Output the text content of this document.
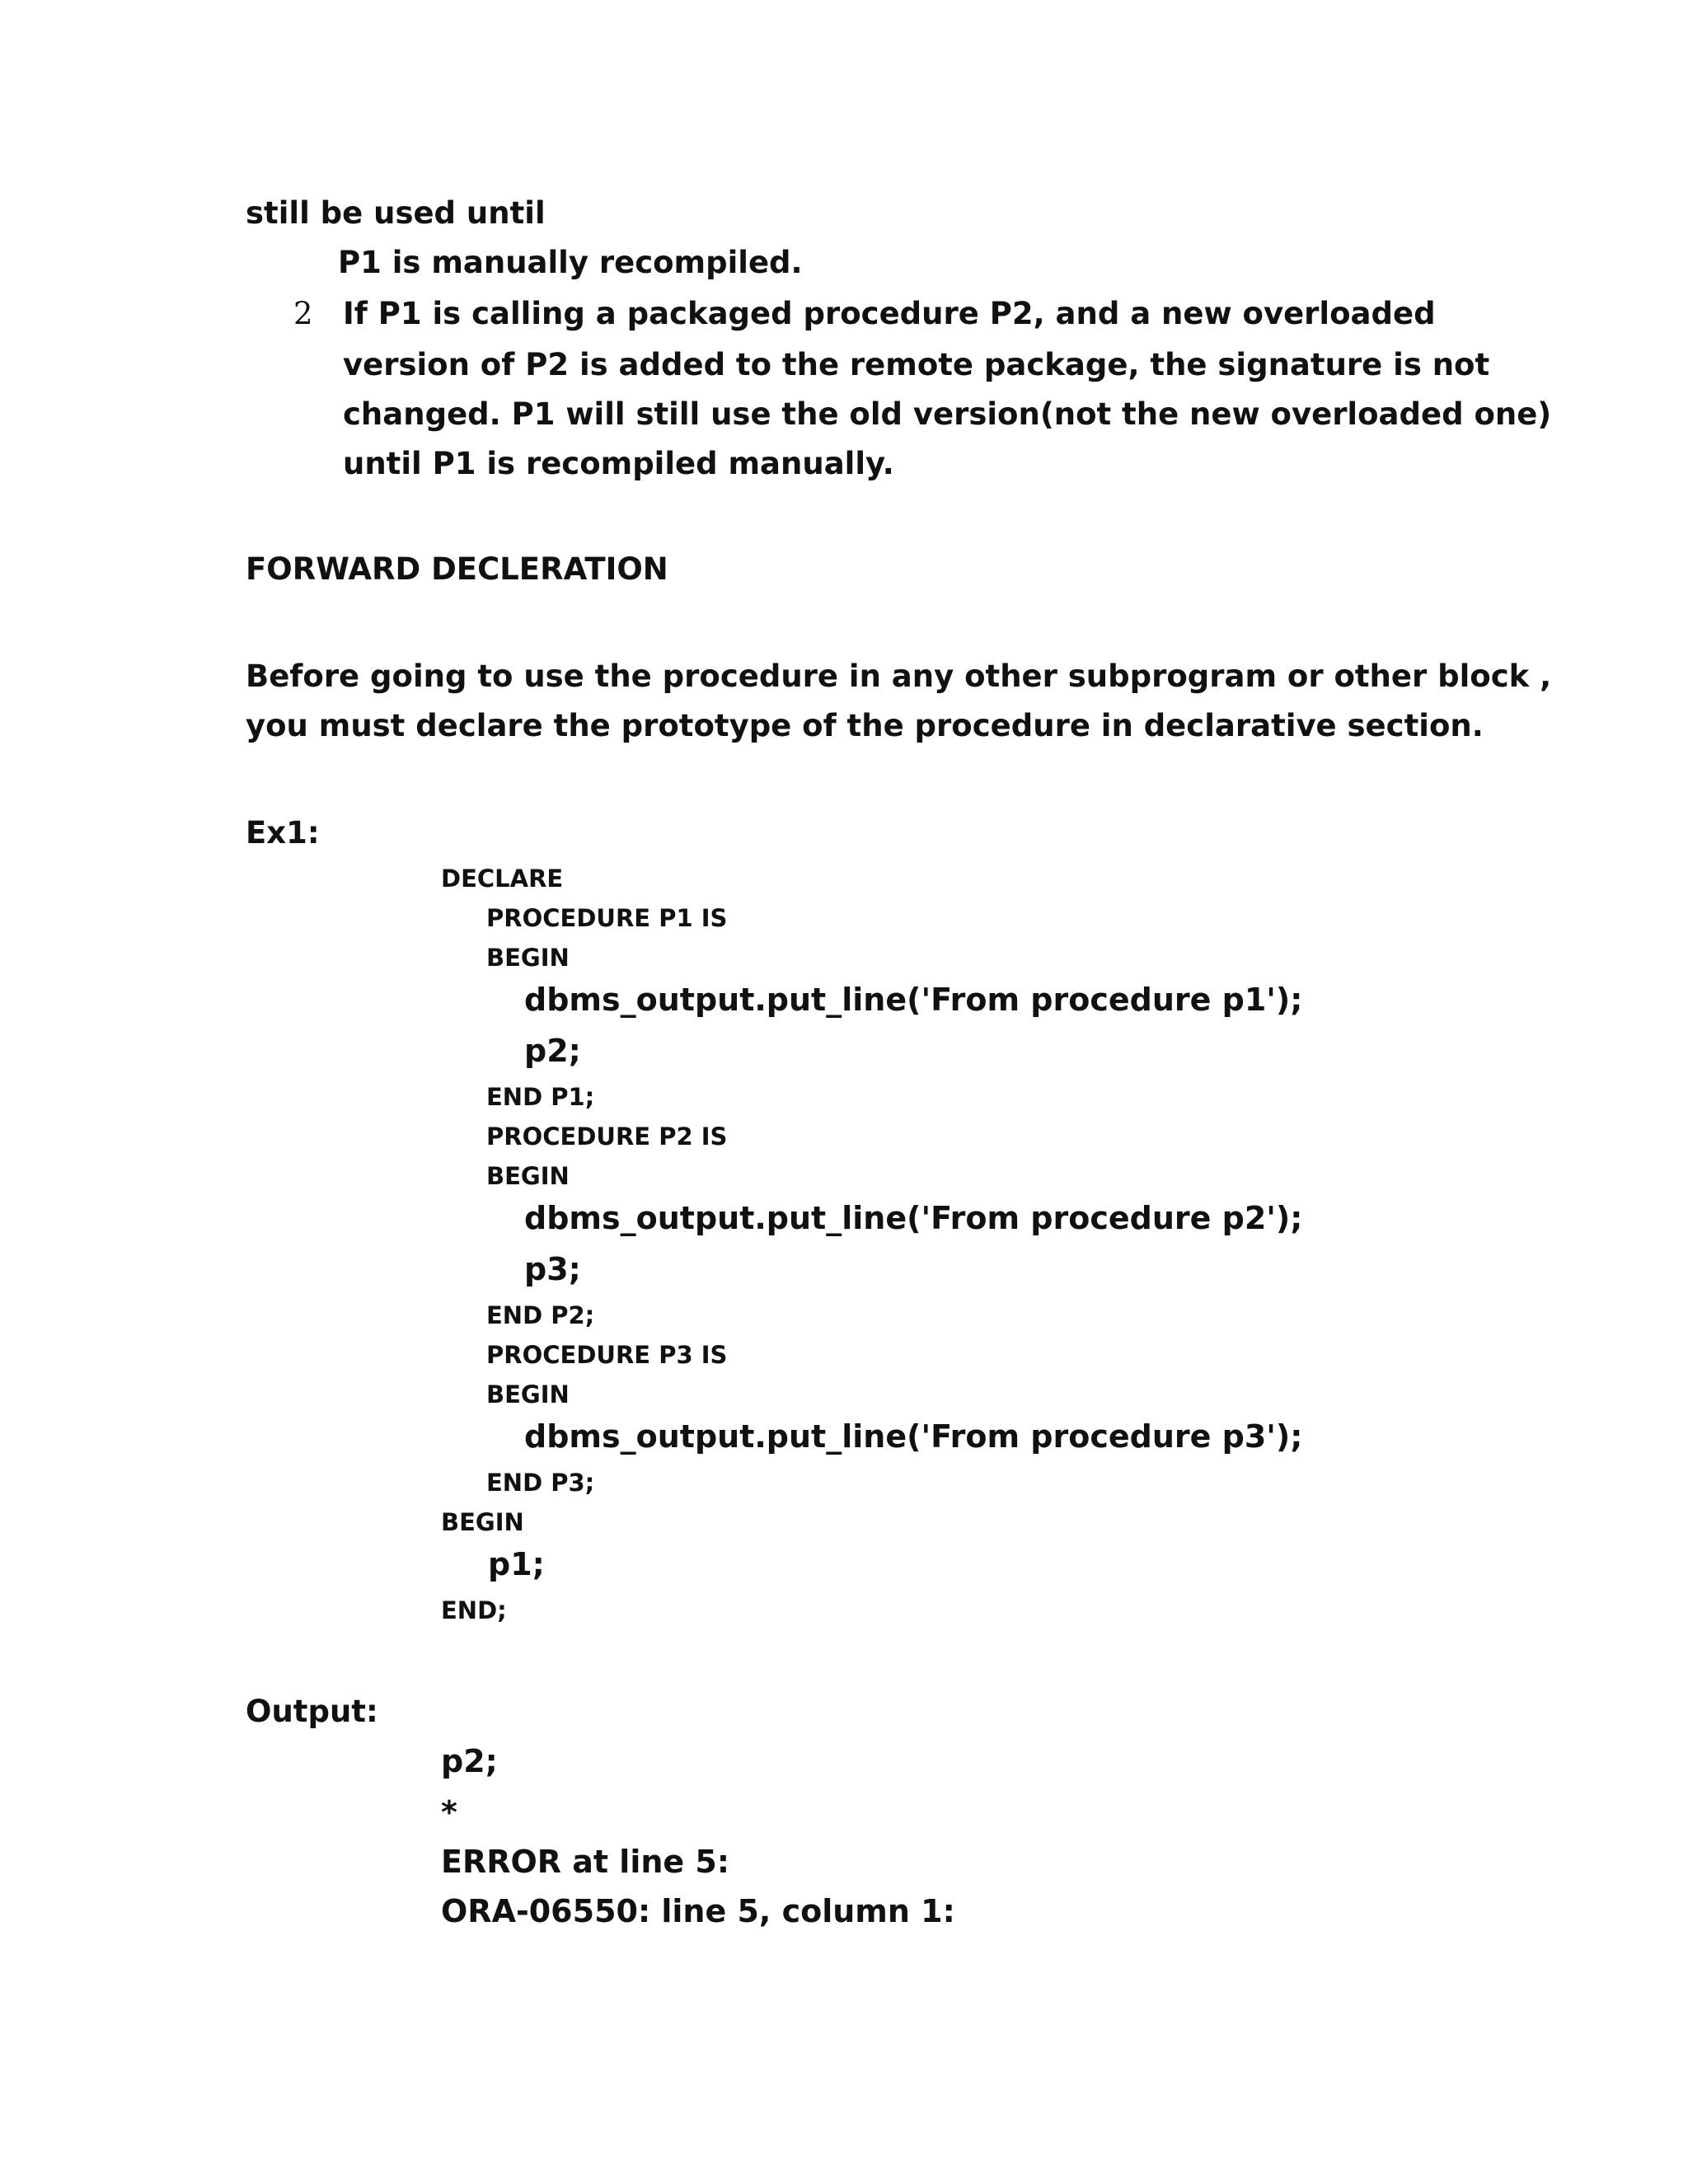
still be used until
P1 is manually recompiled.
2 If P1 is calling a packaged procedure P2, and a new overloaded
version of P2 is added to the remote package, the signature is not
changed. P1 will still use the old version(not the new overloaded one)
until P1 is recompiled manually.
FORWARD DECLERATION
Before going to use the procedure in any other subprogram or other block ,
you must declare the prototype of the procedure in declarative section.
Ex1:
DECLARE
PROCEDURE P1 IS
BEGIN
dbms_output.put_line('From procedure p1');
p2;
END P1;
PROCEDURE P2 IS
BEGIN
dbms_output.put_line('From procedure p2');
p3;
END P2;
PROCEDURE P3 IS
BEGIN
dbms_output.put_line('From procedure p3');
END P3;
BEGIN
p1;
END;
Output:
p2;
*
ERROR at line 5:
ORA-06550: line 5, column 1:
